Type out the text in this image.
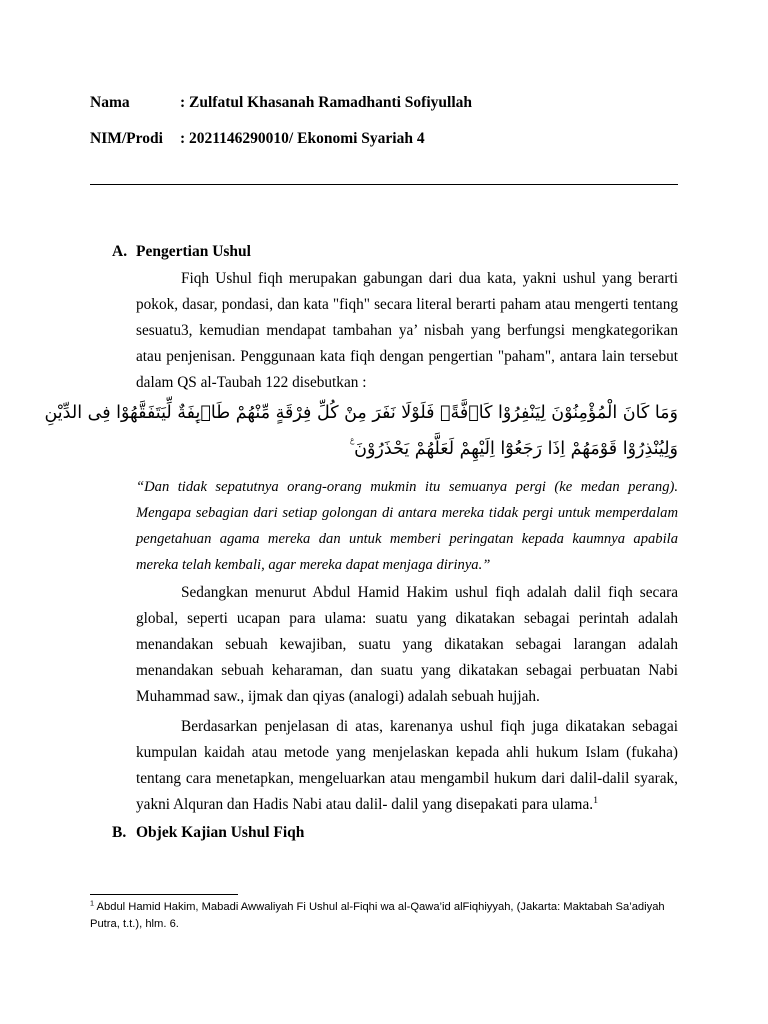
Nama	: Zulfatul Khasanah Ramadhanti Sofiyullah
NIM/Prodi : 2021146290010/ Ekonomi Syariah 4
A. Pengertian Ushul

Fiqh Ushul fiqh merupakan gabungan dari dua kata, yakni ushul yang berarti pokok, dasar, pondasi, dan kata "fiqh" secara literal berarti paham atau mengerti tentang sesuatu3, kemudian mendapat tambahan ya’ nisbah yang berfungsi mengkategorikan atau penjenisan. Penggunaan kata fiqh dengan pengertian "paham", antara lain tersebut dalam QS al-Taubah 122 disebutkan :

وَمَا كَانَ الْمُؤْمِنُوْنَ لِيَنْفِرُوْا كَاۤفَّةًۗ فَلَوْلَا نَفَرَ مِنْ كُلِّ فِرْقَةٍ مِّنْهُمْ طَاۤىِٕفَةٌ لِّيَتَفَقَّهُوْا فِى الدِّيْنِ
وَلِيُنْذِرُوْا قَوْمَهُمْ اِذَا رَجَعُوْٓا اِلَيْهِمْ لَعَلَّهُمْ يَحْذَرُوْنَ ࣖ

“Dan tidak sepatutnya orang-orang mukmin itu semuanya pergi (ke medan perang). Mengapa sebagian dari setiap golongan di antara mereka tidak pergi untuk memperdalam pengetahuan agama mereka dan untuk memberi peringatan kepada kaumnya apabila mereka telah kembali, agar mereka dapat menjaga dirinya.”

Sedangkan menurut Abdul Hamid Hakim ushul fiqh adalah dalil fiqh secara global, seperti ucapan para ulama: suatu yang dikatakan sebagai perintah adalah menandakan sebuah kewajiban, suatu yang dikatakan sebagai larangan adalah menandakan sebuah keharaman, dan suatu yang dikatakan sebagai perbuatan Nabi Muhammad saw., ijmak dan qiyas (analogi) adalah sebuah hujjah.

Berdasarkan penjelasan di atas, karenanya ushul fiqh juga dikatakan sebagai kumpulan kaidah atau metode yang menjelaskan kepada ahli hukum Islam (fukaha) tentang cara menetapkan, mengeluarkan atau mengambil hukum dari dalil-dalil syarak, yakni Alquran dan Hadis Nabi atau dalil- dalil yang disepakati para ulama.$^1$

B. Objek Kajian Ushul Fiqh

$^1$ Abdul Hamid Hakim, Mabadi Awwaliyah Fi Ushul al-Fiqhi wa al-Qawa’id alFiqhiyyah, (Jakarta: Maktabah Sa’adiyah Putra, t.t.), hlm. 6.
